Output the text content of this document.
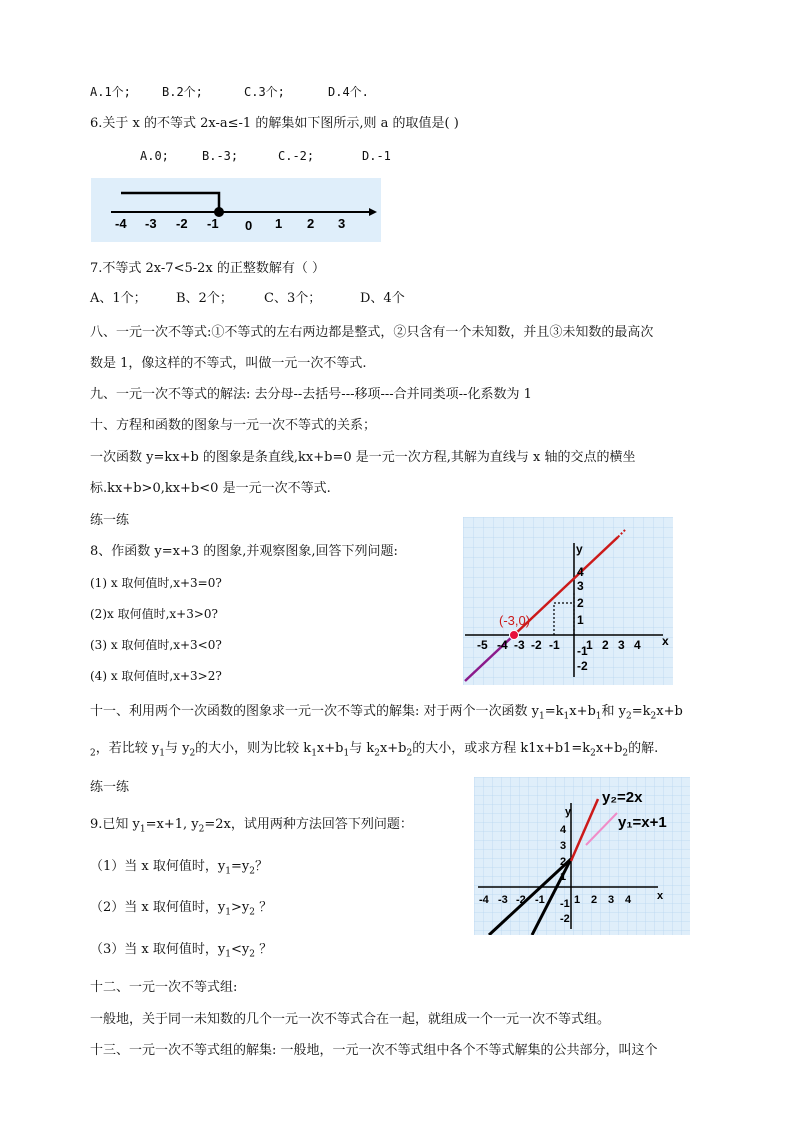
A.1个;	B.2个;	C.3个;	D.4个.
6.关于 x 的不等式 2x-a≤-1 的解集如下图所示,则 a 的取值是( )
A.0;	B.-3;	C.-2;	D.-1
-4 -3 -2 -1 0 1 2 3
7.不等式 2x-7<5-2x 的正整数解有（ ）
A、1个； B、2个； C、3个；	D、4个
八、一元一次不等式:①不等式的左右两边都是整式，②只含有一个未知数，并且③未知数的最高次
数是 1，像这样的不等式，叫做一元一次不等式.
九、一元一次不等式的解法: 去分母--去括号---移项---合并同类项--化系数为 1
十、方程和函数的图象与一元一次不等式的关系；
一次函数 y=kx+b 的图象是条直线,kx+b=0 是一元一次方程,其解为直线与 x 轴的交点的横坐
标.kx+b>0,kx+b<0 是一元一次不等式.
练一练
8、作函数 y=x+3 的图象,并观察图象,回答下列问题:
(1) x 取何值时,x+3=0?
(2)x 取何值时,x+3>0?
(3) x 取何值时,x+3<0?
(4) x 取何值时,x+3>2?
(-3,0)
y
x
-5 -4 -3 -2 -1 1 2 3 4
4
3
2
1
-1
-2
十一、利用两个一次函数的图象求一元一次不等式的解集: 对于两个一次函数 $y_1=k_1x+b_1$和 $y_2=k_2x+b$
$_2$，若比较 $y_1$与 $y_2$的大小，则为比较 $k_1x+b_1$与 $k_2x+b_2$的大小，或求方程 $k1x+b1=k_2x+b_2$的解.
练一练
9.已知 $y_1=x+1$, $y_2=2x$，试用两种方法回答下列问题：
（1）当 x 取何值时，$y_1=y_2$？
（2）当 x 取何值时，$y_1>y_2$ ？
（3）当 x 取何值时，$y_1<y_2$ ？
y₂=2x
y₁=x+1
y
x
-4 -3 -2 -1	1 2 3 4
4
3
2
1
-1
-2
十二、一元一次不等式组:
一般地，关于同一未知数的几个一元一次不等式合在一起，就组成一个一元一次不等式组。
十三、一元一次不等式组的解集: 一般地，一元一次不等式组中各个不等式解集的公共部分，叫这个
